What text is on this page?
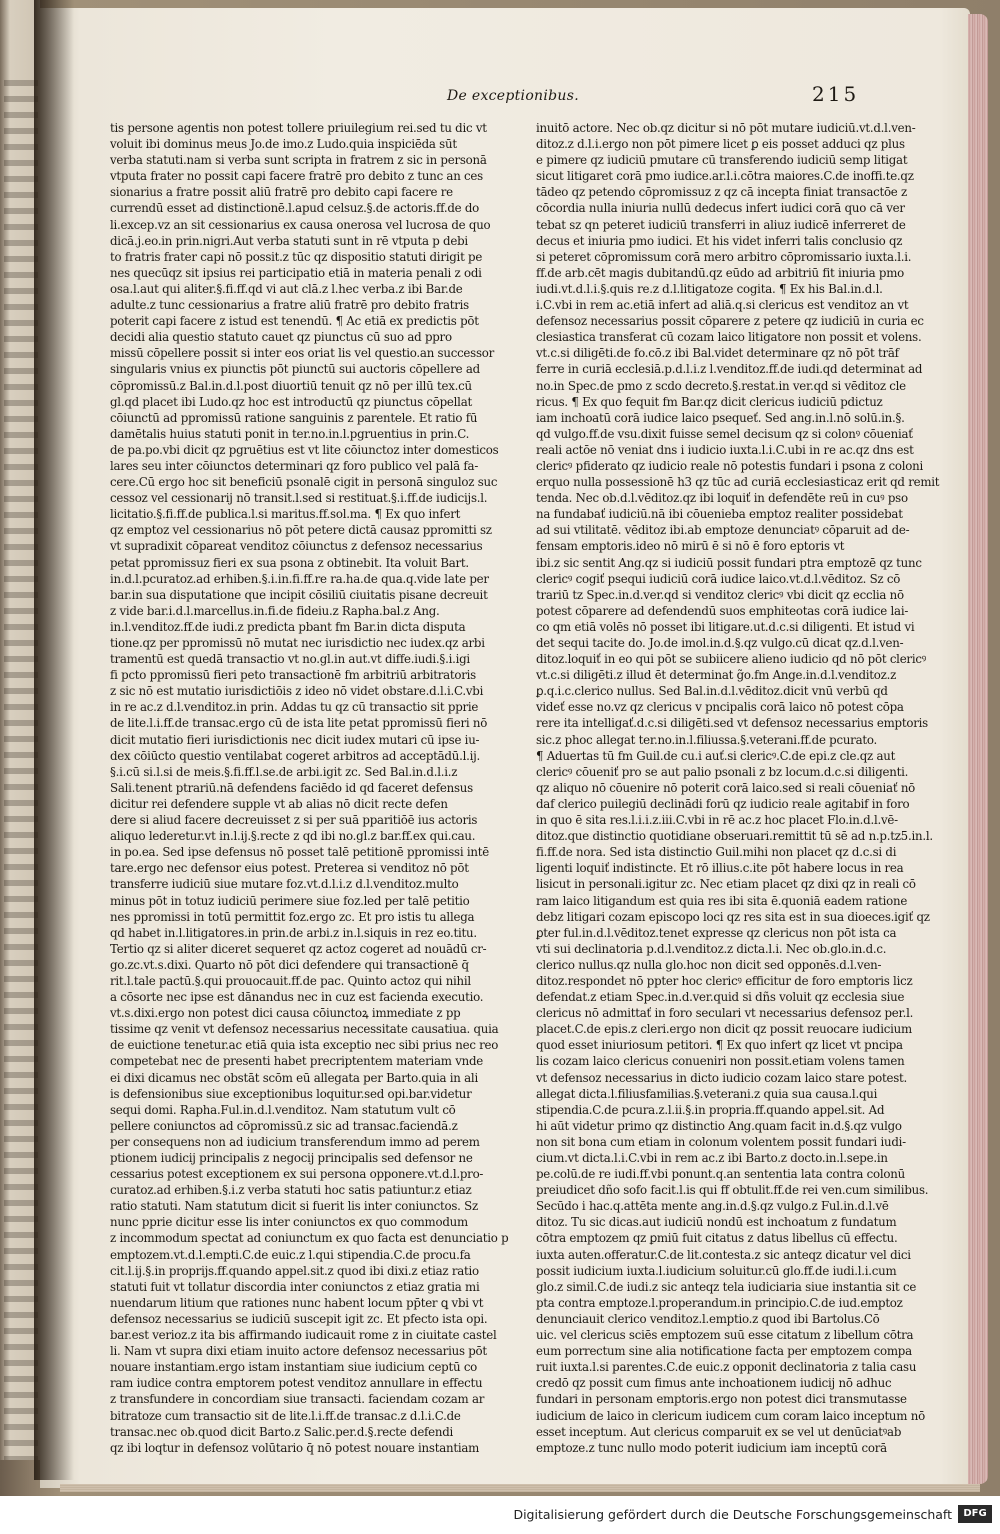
De exceptionibus.	215
tis persone agentis non potest tollere priuilegium rei.sed tu dic vt
voluit ibi dominus meus Jo.de imo.z Ludo.quia inspiciēda sūt
verba statuti.nam si verba sunt scripta in fratrem z sic in personā
vtputa frater no possit capi facere fratrē pro debito z tunc an ces
sionarius a fratre possit aliū fratrē pro debito capi facere re
currendū esset ad distinctionē.l.apud celsuz.§.de actoris.ff.de do
li.excep.vz an sit cessionarius ex causa onerosa vel lucrosa de quo
dicā.j.eo.in prin.nigri.Aut verba statuti sunt in rē vtputa p debi
to fratris frater capi nō possit.z tūc qz dispositio statuti dirigit pe
nes quecūqz sit ipsius rei participatio etiā in materia penali z odi
osa.l.aut qui aliter.§.fi.ff.qd vi aut clā.z l.hec verba.z ibi Bar.de
adulte.z tunc cessionarius a fratre aliū fratrē pro debito fratris
poterit capi facere z istud est tenendū. ¶ Ac etiā ex predictis pōt
decidi alia questio statuto cauet qz piunctus cū suo ad ppro
missū cōpellere possit si inter eos oriat lis vel questio.an successor
singularis vnius ex piunctis pōt piunctū sui auctoris cōpellere ad
cōpromissū.z Bal.in.d.l.post diuortiū tenuit qz nō per illū tex.cū
gl.qd placet ibi Ludo.qz hoc est introductū qz piunctus cōpellat
cōiunctū ad ppromissū ratione sanguinis z parentele. Et ratio fū
damētalis huius statuti ponit in ter.no.in.l.pgruentius in prin.C.
de pa.po.vbi dicit qz pgruētius est vt lite cōiunctoz inter domesticos
lares seu inter cōiunctos determinari qz foro publico vel palā fa-
cere.Cū ergo hoc sit beneficiū psonalē cigit in personā singuloz suc
cessoz vel cessionarij nō transit.l.sed si restituat.§.i.ff.de iudicijs.l.
licitatio.§.fi.ff.de publica.l.si maritus.ff.sol.ma. ¶ Ex quo infert
qz emptoz vel cessionarius nō pōt petere dictā causaz ppromitti sz
vt supradixit cōpareat venditoz cōiunctus z defensoz necessarius
petat ppromissuz fieri ex sua psona z obtinebit. Ita voluit Bart.
in.d.l.pcuratoz.ad erhiben.§.i.in.fi.ff.re ra.ha.de qua.q.vide late per
bar.in sua disputatione que incipit cōsiliū ciuitatis pisane decreuit
z vide bar.i.d.l.marcellus.in.fi.de fideiu.z Rapha.bal.z Ang.
in.l.venditoz.ff.de iudi.z predicta pbant fm Bar.in dicta disputa
tione.qz per ppromissū nō mutat nec iurisdictio nec iudex.qz arbi
tramentū est quedā transactio vt no.gl.in aut.vt diffe.iudi.§.i.igi
fi pcto ppromissū fieri peto transactionē fm arbitriū arbitratoris
z sic nō est mutatio iurisdictiōis z ideo nō videt obstare.d.l.i.C.vbi
in re ac.z d.l.venditoz.in prin. Addas tu qz cū transactio sit pprie
de lite.l.i.ff.de transac.ergo cū de ista lite petat ppromissū fieri nō
dicit mutatio fieri iurisdictionis nec dicit iudex mutari cū ipse iu-
dex cōiūcto questio ventilabat cogeret arbitros ad acceptādū.l.ij.
§.i.cū si.l.si de meis.§.fi.ff.l.se.de arbi.igit zc. Sed Bal.in.d.l.i.z
Sali.tenent ptrariū.nā defendens faciēdo id qd faceret defensus
dicitur rei defendere supple vt ab alias nō dicit recte defen
dere si aliud facere decreuisset z si per suā pparitiōē ius actoris
aliquo lederetur.vt in.l.ij.§.recte z qd ibi no.gl.z bar.ff.ex qui.cau.
in po.ea. Sed ipse defensus nō posset talē petitionē ppromissi intē
tare.ergo nec defensor eius potest. Preterea si venditoz nō pōt
transferre iudiciū siue mutare foz.vt.d.l.i.z d.l.venditoz.multo
minus pōt in totuz iudiciū perimere siue foz.led per talē petitio
nes ppromissi in totū permittit foz.ergo zc. Et pro istis tu allega
qd habet in.l.litigatores.in prin.de arbi.z in.l.siquis in rez eo.titu.
Tertio qz si aliter diceret sequeret qz actoz cogeret ad nouādū cr-
go.zc.vt.s.dixi. Quarto nō pōt dici defendere qui transactionē q̄
rit.l.tale pactū.§.qui prouocauit.ff.de pac. Quinto actoz qui nihil
a cōsorte nec ipse est dānandus nec in cuz est facienda executio.
vt.s.dixi.ergo non potest dici causa cōiunctoꝝ immediate z pp
tissime qz venit vt defensoz necessarius necessitate causatiua. quia
de euictione tenetur.ac etiā quia ista exceptio nec sibi prius nec reo
competebat nec de presenti habet precriptentem materiam vnde
ei dixi dicamus nec obstāt scōm eū allegata per Barto.quia in ali
is defensionibus siue exceptionibus loquitur.sed opi.bar.videtur
sequi domi. Rapha.Ful.in.d.l.venditoz. Nam statutum vult cō
pellere coniunctos ad cōpromissū.z sic ad transac.faciendā.z
per consequens non ad iudicium transferendum immo ad perem
ptionem iudicij principalis z negocij principalis sed defensor ne
cessarius potest exceptionem ex sui persona opponere.vt.d.l.pro-
curatoz.ad erhiben.§.i.z verba statuti hoc satis patiuntur.z etiaz
ratio statuti. Nam statutum dicit si fuerit lis inter coniunctos. Sz
nunc pprie dicitur esse lis inter coniunctos ex quo commodum
z incommodum spectat ad coniunctum ex quo facta est denunciatio p
emptozem.vt.d.l.empti.C.de euic.z l.qui stipendia.C.de procu.fa
cit.l.ij.§.in proprijs.ff.quando appel.sit.z quod ibi dixi.z etiaz ratio
statuti fuit vt tollatur discordia inter coniunctos z etiaz gratia mi
nuendarum litium que rationes nunc habent locum pp̄ter ꝗ vbi vt
defensoz necessarius se iudiciū suscepit igit zc. Et pfecto ista opi.
bar.est verioz.z ita bis affirmando iudicauit rome z in ciuitate castel
li. Nam vt supra dixi etiam inuito actore defensoz necessarius pōt
nouare instantiam.ergo istam instantiam siue iudicium ceptū co
ram iudice contra emptorem potest venditoz annullare in effectu
z transfundere in concordiam siue transacti. faciendam cozam ar
bitratoze cum transactio sit de lite.l.i.ff.de transac.z d.l.i.C.de
transac.nec ob.quod dicit Barto.z Salic.per.d.§.recte defendi
qz ibi loqtur in defensoz volūtario q̄ nō potest nouare instantiam
inuitō actore. Nec ob.qz dicitur si nō pōt mutare iudiciū.vt.d.l.ven-
ditoz.z d.l.i.ergo non pōt pimere licet ꝑ eis posset adduci qz plus
e pimere qz iudiciū pmutare cū transferendo iudiciū semp litigat
sicut litigaret corā pmo iudice.ar.l.i.cōtra maiores.C.de inoffi.te.qz
tādeo qz petendo cōpromissuz z qz cā incepta finiat transactōe z
cōcordia nulla iniuria nullū dedecus infert iudici corā quo cā ver
tebat sz qn peteret iudiciū transferri in aliuz iudicē inferreret de
decus et iniuria pmo iudici. Et his videt inferri talis conclusio qz
si peteret cōpromissum corā mero arbitro cōpromissario iuxta.l.i.
ff.de arb.cēt magis dubitandū.qz eūdo ad arbitriū fit iniuria pmo
iudi.vt.d.l.i.§.quis re.z d.l.litigatoze cogita. ¶ Ex his Bal.in.d.l.
i.C.vbi in rem ac.etiā infert ad aliā.q.si clericus est venditoz an vt
defensoz necessarius possit cōparere z petere qz iudiciū in curia ec
clesiastica transferat cū cozam laico litigatore non possit et volens.
vt.c.si diligēti.de fo.cō.z ibi Bal.videt determinare qz nō pōt trāf
ferre in curiā ecclesiā.p.d.l.i.z l.venditoz.ff.de iudi.qd determinat ad
no.in Spec.de pmo z scdo decreto.§.restat.in ver.qd si vēditoz cle
ricus. ¶ Ex quo fequit fm Bar.qz dicit clericus iudiciū pdictuz
iam inchoatū corā iudice laico psequeť. Sed ang.in.l.nō solū.in.§.
qd vulgo.ff.de vsu.dixit fuisse semel decisum qz si colonꝰ cōueniať
reali actōe nō veniat dns i iudicio iuxta.l.i.C.ubi in re ac.qz dns est
clericꝰ pfiderato qz iudicio reale nō potestis fundari i psona z coloni
erquo nulla possessionē h3 qz tūc ad curiā ecclesiasticaz erit qd remit
tenda. Nec ob.d.l.vēditoz.qz ibi loquiť in defendēte reū in cuꝰ pso
na fundabať iudiciū.nā ibi cōuenieba emptoz realiter possidebat
ad sui vtilitatē. vēditoz ibi.ab emptoze denunciatꝰ cōparuit ad de-
fensam emptoris.ideo nō mirū ē si nō ē foro eptoris vt
ibi.z sic sentit Ang.qz si iudiciū possit fundari ptra emptozē qz tunc
clericꝰ cogiť psequi iudiciū corā iudice laico.vt.d.l.vēditoz. Sz cō
trariū tz Spec.in.d.ver.qd si venditoz clericꝰ vbi dicit qz ecclia nō
potest cōparere ad defendendū suos emphiteotas corā iudice lai-
co qm etiā volēs nō posset ibi litigare.ut.d.c.si diligenti. Et istud vi
det sequi tacite do. Jo.de imol.in.d.§.qz vulgo.cū dicat qz.d.l.ven-
ditoz.loquiť in eo qui pōt se subiicere alieno iudicio qd nō pōt clericꝰ
vt.c.si diligēti.z illud ēt determinat g̃o.fm Ange.in.d.l.venditoz.z
ꝑ.q.i.c.clerico nullus. Sed Bal.in.d.l.vēditoz.dicit vnū verbū qd
videť esse no.vz qz clericus v pncipalis corā laico nō potest cōpa
rere ita intelligať.d.c.si diligēti.sed vt defensoz necessarius emptoris
sic.z phoc allegat ter.no.in.l.filiussa.§.veterani.ff.de pcurato.
¶ Aduertas tū fm Guil.de cu.i auť.si clericꝰ.C.de epi.z cle.qz aut
clericꝰ cōueniť pro se aut palio psonali z bz locum.d.c.si diligenti.
qz aliquo nō cōuenire nō poterit corā laico.sed si reali cōueniať nō
daf clerico puilegiū declinādi forū qz iudicio reale agitabif in foro
in quo ē sita res.l.i.i.z.iii.C.vbi in rē ac.z hoc placet Flo.in.d.l.vē-
ditoz.que distinctio quotidiane obseruari.remittit tū sē ad n.p.tz5.in.l.
fi.ff.de nora. Sed ista distinctio Guil.mihi non placet qz d.c.si di
ligenti loquiť indistincte. Et rō illius.c.ite pōt habere locus in rea
lisicut in personali.igitur zc. Nec etiam placet qz dixi qz in reali cō
ram laico litigandum est quia res ibi sita ē.quoniā eadem ratione
debz litigari cozam episcopo loci qz res sita est in sua dioeces.igiť qz
ꝑter ful.in.d.l.vēditoz.tenet expresse qz clericus non pōt ista ca
vti sui declinatoria p.d.l.venditoz.z dicta.l.i. Nec ob.glo.in.d.c.
clerico nullus.qz nulla glo.hoc non dicit sed opponēs.d.l.ven-
ditoz.respondet nō ppter hoc clericꝰ efficitur de foro emptoris licz
defendat.z etiam Spec.in.d.ver.quid si dñs voluit qz ecclesia siue
clericus nō admittať in foro seculari vt necessarius defensoz per.l.
placet.C.de epis.z cleri.ergo non dicit qz possit reuocare iudicium
quod esset iniuriosum petitori. ¶ Ex quo infert qz licet vt pncipa
lis cozam laico clericus conueniri non possit.etiam volens tamen
vt defensoz necessarius in dicto iudicio cozam laico stare potest.
allegat dicta.l.filiusfamilias.§.veterani.z quia sua causa.l.qui
stipendia.C.de pcura.z.l.ii.§.in propria.ff.quando appel.sit. Ad
hi aūt videtur primo qz distinctio Ang.quam facit in.d.§.qz vulgo
non sit bona cum etiam in colonum volentem possit fundari iudi-
cium.vt dicta.l.i.C.vbi in rem ac.z ibi Barto.z docto.in.l.sepe.in
pe.colū.de re iudi.ff.vbi ponunt.q.an sententia lata contra colonū
preiudicet dño sofo facit.l.is qui ff obtulit.ff.de rei ven.cum similibus.
Secūdo i hac.q.attēta mente ang.in.d.§.qz vulgo.z Ful.in.d.l.vē
ditoz. Tu sic dicas.aut iudiciū nondū est inchoatum z fundatum
cōtra emptozem qz ꝑmiū fuit citatus z datus libellus cū effectu.
iuxta auten.offeratur.C.de lit.contesta.z sic anteqz dicatur vel dici
possit iudicium iuxta.l.iudicium soluitur.cū glo.ff.de iudi.l.i.cum
glo.z simil.C.de iudi.z sic anteqz tela iudiciaria siue instantia sit ce
pta contra emptoze.l.properandum.in principio.C.de iud.emptoz
denunciauit clerico venditoz.l.emptio.z quod ibi Bartolus.Cō
uic. vel clericus sciēs emptozem suū esse citatum z libellum cōtra
eum porrectum sine alia notificatione facta per emptozem compa
ruit iuxta.l.si parentes.C.de euic.z opponit declinatoria z talia casu
credō qz possit cum fimus ante inchoationem iudicij nō adhuc
fundari in personam emptoris.ergo non potest dici transmutasse
iudicium de laico in clericum iudicem cum coram laico inceptum nō
esset inceptum. Aut clericus comparuit ex se vel ut denūciatꝰab
emptoze.z tunc nullo modo poterit iudicium iam inceptū corā
Digitalisierung gefördert durch die Deutsche Forschungsgemeinschaft	DFG
